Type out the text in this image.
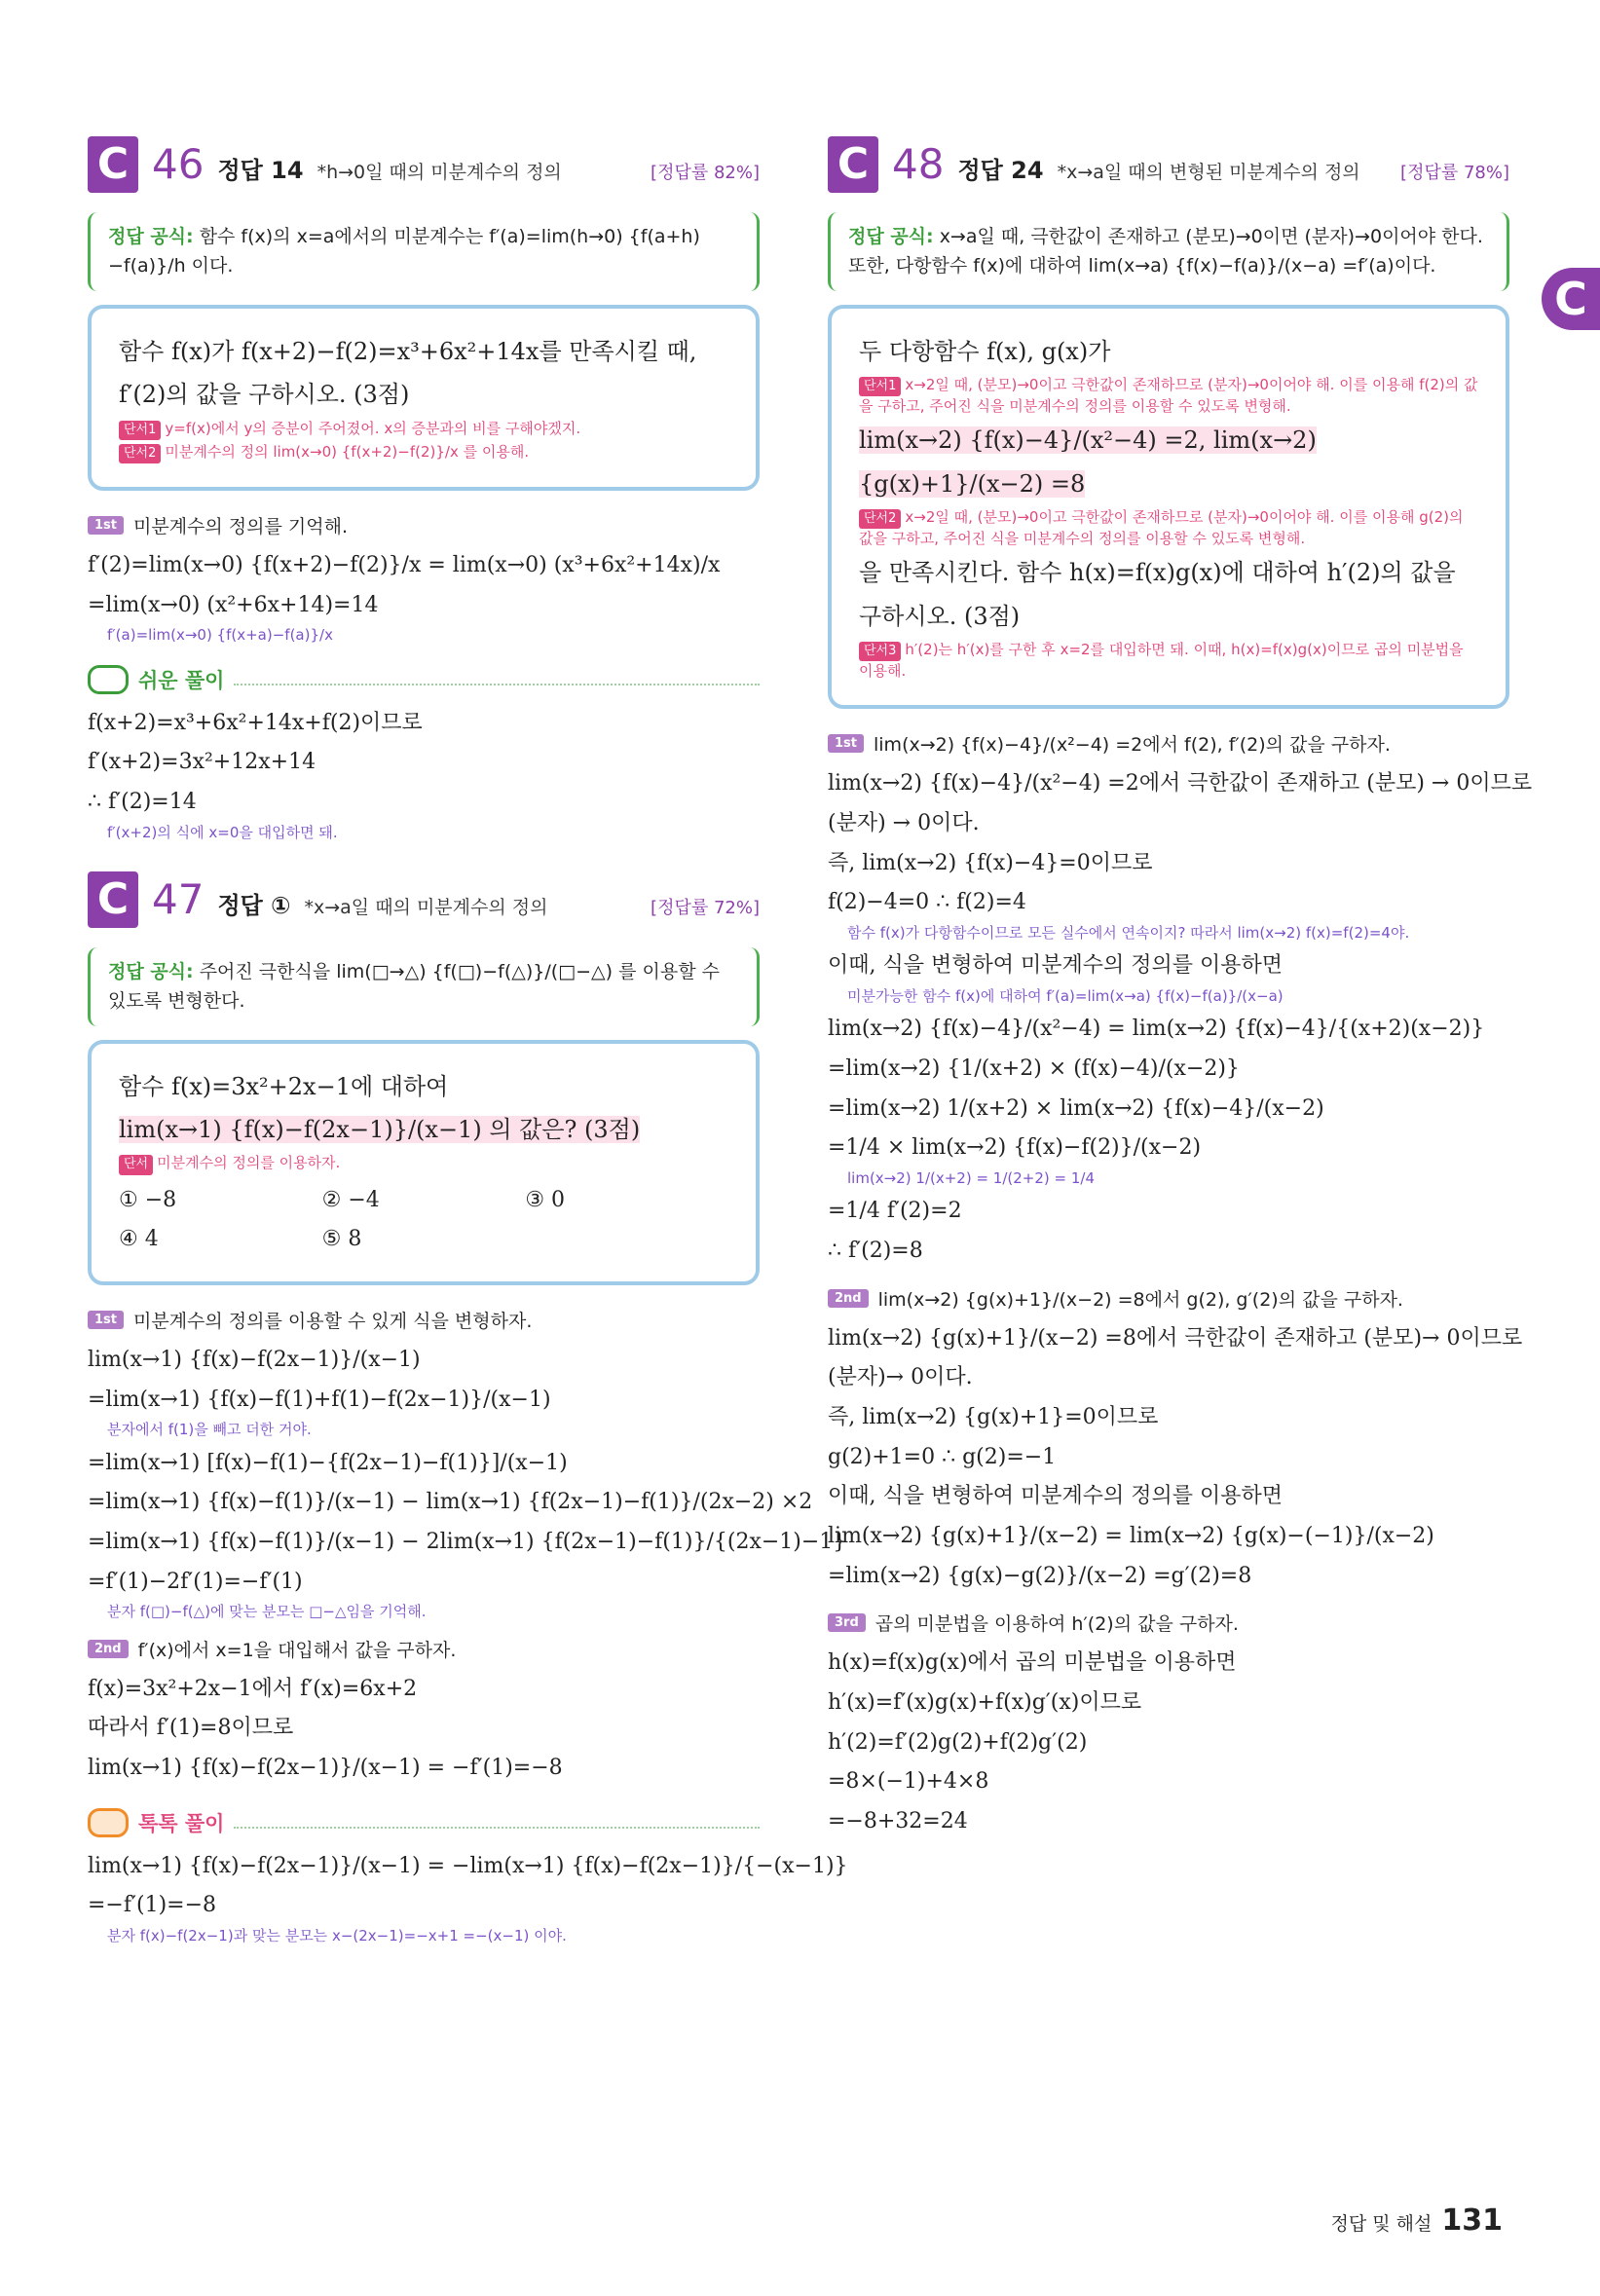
C
C 46 정답 14 *h→0일 때의 미분계수의 정의	[정답률 82%]
정답 공식: 함수 f(x)의 x=a에서의 미분계수는 f′(a)=lim(h→0) {f(a+h)−f(a)}/h 이다.
함수 f(x)가 f(x+2)−f(2)=x³+6x²+14x를 만족시킬 때,
f′(2)의 값을 구하시오. (3점)
단서1 y=f(x)에서 y의 증분이 주어졌어. x의 증분과의 비를 구해야겠지.
단서2 미분계수의 정의 lim(x→0) {f(x+2)−f(2)}/x 를 이용해.
1st 미분계수의 정의를 기억해.
f′(2)=lim(x→0) {f(x+2)−f(2)}/x = lim(x→0) (x³+6x²+14x)/x
=lim(x→0) (x²+6x+14)=14
f′(a)=lim(x→0) {f(x+a)−f(a)}/x
쉬운 풀이
f(x+2)=x³+6x²+14x+f(2)이므로
f′(x+2)=3x²+12x+14
∴ f′(2)=14
f′(x+2)의 식에 x=0을 대입하면 돼.
C 47 정답 ① *x→a일 때의 미분계수의 정의	[정답률 72%]
정답 공식: 주어진 극한식을 lim(□→△) {f(□)−f(△)}/(□−△) 를 이용할 수 있도록 변형한다.
함수 f(x)=3x²+2x−1에 대하여
lim(x→1) {f(x)−f(2x−1)}/(x−1) 의 값은? (3점)
단서 미분계수의 정의를 이용하자.
① −8	② −4	③ 0
④ 4	⑤ 8
1st 미분계수의 정의를 이용할 수 있게 식을 변형하자.
lim(x→1) {f(x)−f(2x−1)}/(x−1)
=lim(x→1) {f(x)−f(1)+f(1)−f(2x−1)}/(x−1)
분자에서 f(1)을 빼고 더한 거야.
=lim(x→1) [f(x)−f(1)−{f(2x−1)−f(1)}]/(x−1)
=lim(x→1) {f(x)−f(1)}/(x−1) − lim(x→1) {f(2x−1)−f(1)}/(2x−2) ×2
=lim(x→1) {f(x)−f(1)}/(x−1) − 2lim(x→1) {f(2x−1)−f(1)}/{(2x−1)−1}
=f′(1)−2f′(1)=−f′(1)
분자 f(□)−f(△)에 맞는 분모는 □−△임을 기억해.
2nd f′(x)에서 x=1을 대입해서 값을 구하자.
f(x)=3x²+2x−1에서 f′(x)=6x+2
따라서 f′(1)=8이므로
lim(x→1) {f(x)−f(2x−1)}/(x−1) = −f′(1)=−8
톡톡 풀이
lim(x→1) {f(x)−f(2x−1)}/(x−1) = −lim(x→1) {f(x)−f(2x−1)}/{−(x−1)}
=−f′(1)=−8
분자 f(x)−f(2x−1)과 맞는 분모는 x−(2x−1)=−x+1 =−(x−1) 이야.
C 48 정답 24 *x→a일 때의 변형된 미분계수의 정의 [정답률 78%]
정답 공식: x→a일 때, 극한값이 존재하고 (분모)→0이면 (분자)→0이어야 한다. 또한, 다항함수 f(x)에 대하여 lim(x→a) {f(x)−f(a)}/(x−a) =f′(a)이다.
두 다항함수 f(x), g(x)가
단서1 x→2일 때, (분모)→0이고 극한값이 존재하므로 (분자)→0이어야 해. 이를 이용해 f(2)의 값을 구하고, 주어진 식을 미분계수의 정의를 이용할 수 있도록 변형해.
lim(x→2) {f(x)−4}/(x²−4) =2, lim(x→2) {g(x)+1}/(x−2) =8
단서2 x→2일 때, (분모)→0이고 극한값이 존재하므로 (분자)→0이어야 해. 이를 이용해 g(2)의 값을 구하고, 주어진 식을 미분계수의 정의를 이용할 수 있도록 변형해.
을 만족시킨다. 함수 h(x)=f(x)g(x)에 대하여 h′(2)의 값을
구하시오. (3점)
단서3 h′(2)는 h′(x)를 구한 후 x=2를 대입하면 돼. 이때, h(x)=f(x)g(x)이므로 곱의 미분법을 이용해.
1st lim(x→2) {f(x)−4}/(x²−4) =2에서 f(2), f′(2)의 값을 구하자.
lim(x→2) {f(x)−4}/(x²−4) =2에서 극한값이 존재하고 (분모) → 0이므로
(분자) → 0이다.
즉, lim(x→2) {f(x)−4}=0이므로
f(2)−4=0 ∴ f(2)=4
함수 f(x)가 다항함수이므로 모든 실수에서 연속이지? 따라서 lim(x→2) f(x)=f(2)=4야.
이때, 식을 변형하여 미분계수의 정의를 이용하면
미분가능한 함수 f(x)에 대하여 f′(a)=lim(x→a) {f(x)−f(a)}/(x−a)
lim(x→2) {f(x)−4}/(x²−4) = lim(x→2) {f(x)−4}/{(x+2)(x−2)}
=lim(x→2) {1/(x+2) × (f(x)−4)/(x−2)}
=lim(x→2) 1/(x+2) × lim(x→2) {f(x)−4}/(x−2)
=1/4 × lim(x→2) {f(x)−f(2)}/(x−2)
lim(x→2) 1/(x+2) = 1/(2+2) = 1/4
=1/4 f′(2)=2
∴ f′(2)=8
2nd lim(x→2) {g(x)+1}/(x−2) =8에서 g(2), g′(2)의 값을 구하자.
lim(x→2) {g(x)+1}/(x−2) =8에서 극한값이 존재하고 (분모)→ 0이므로
(분자)→ 0이다.
즉, lim(x→2) {g(x)+1}=0이므로
g(2)+1=0 ∴ g(2)=−1
이때, 식을 변형하여 미분계수의 정의를 이용하면
lim(x→2) {g(x)+1}/(x−2) = lim(x→2) {g(x)−(−1)}/(x−2)
=lim(x→2) {g(x)−g(2)}/(x−2) =g′(2)=8
3rd 곱의 미분법을 이용하여 h′(2)의 값을 구하자.
h(x)=f(x)g(x)에서 곱의 미분법을 이용하면
h′(x)=f′(x)g(x)+f(x)g′(x)이므로
h′(2)=f′(2)g(2)+f(2)g′(2)
=8×(−1)+4×8
=−8+32=24
정답 및 해설 131
